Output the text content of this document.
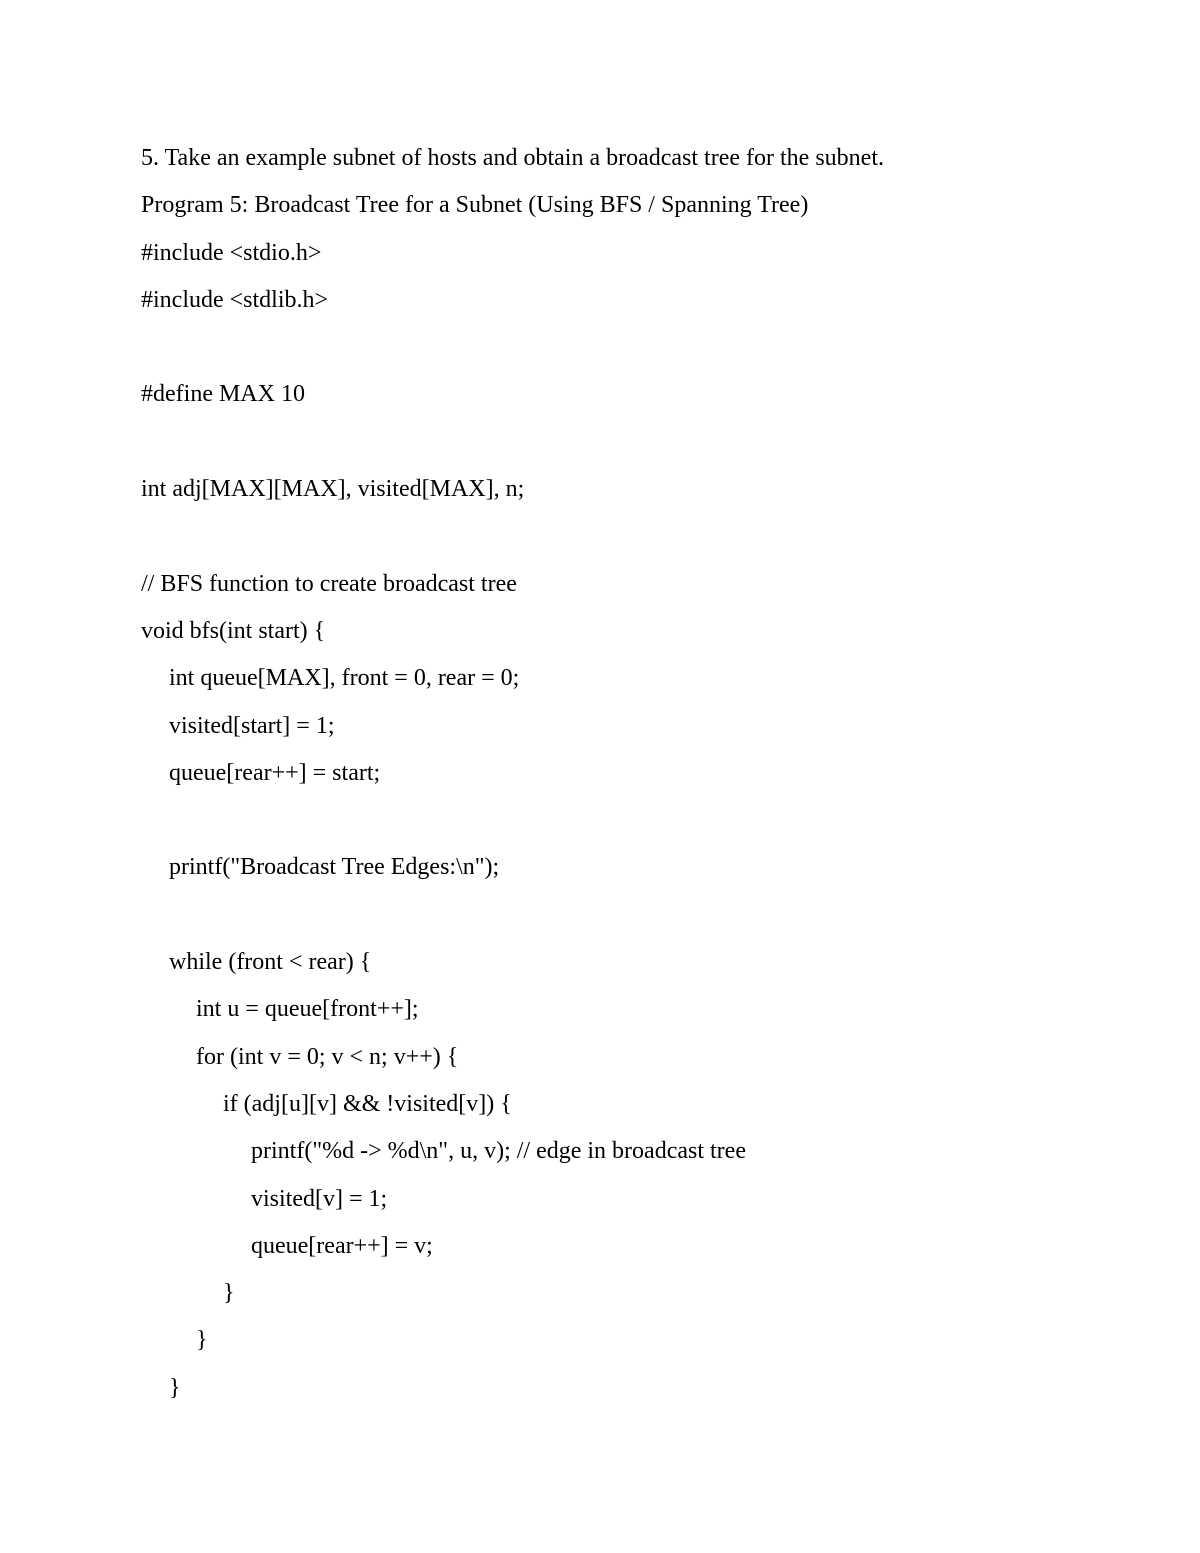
5. Take an example subnet of hosts and obtain a broadcast tree for the subnet.
Program 5: Broadcast Tree for a Subnet (Using BFS / Spanning Tree)
#include <stdio.h>
#include <stdlib.h>
#define MAX 10
int adj[MAX][MAX], visited[MAX], n;
// BFS function to create broadcast tree
void bfs(int start) {
int queue[MAX], front = 0, rear = 0;
visited[start] = 1;
queue[rear++] = start;
printf("Broadcast Tree Edges:\n");
while (front < rear) {
int u = queue[front++];
for (int v = 0; v < n; v++) {
if (adj[u][v] && !visited[v]) {
printf("%d -> %d\n", u, v); // edge in broadcast tree
visited[v] = 1;
queue[rear++] = v;
}
}
}
